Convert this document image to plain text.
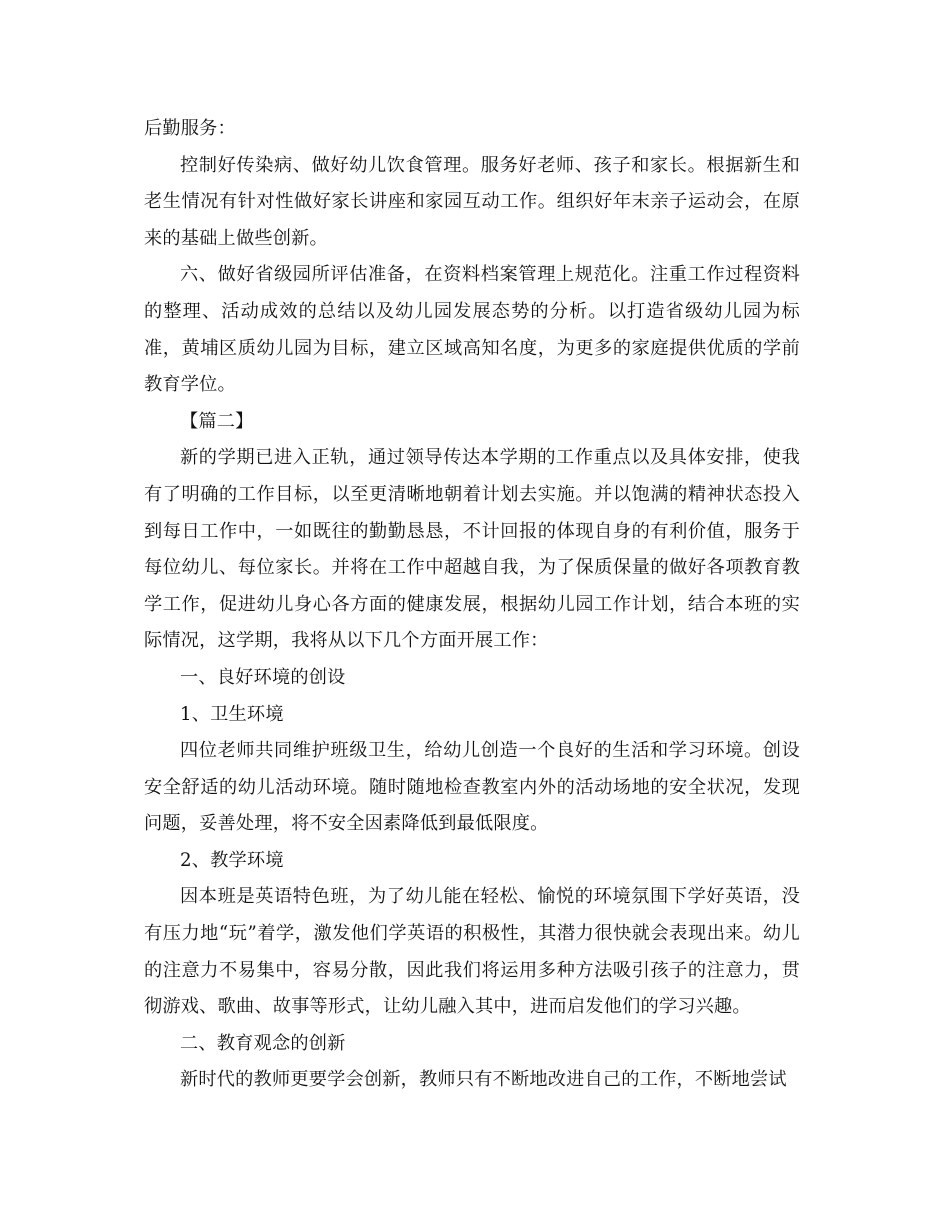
后勤服务：

控制好传染病、做好幼儿饮食管理。服务好老师、孩子和家长。根据新生和老生情况有针对性做好家长讲座和家园互动工作。组织好年末亲子运动会，在原来的基础上做些创新。

六、做好省级园所评估准备，在资料档案管理上规范化。注重工作过程资料的整理、活动成效的总结以及幼儿园发展态势的分析。以打造省级幼儿园为标准，黄埔区质幼儿园为目标，建立区域高知名度，为更多的家庭提供优质的学前教育学位。

【篇二】

新的学期已进入正轨，通过领导传达本学期的工作重点以及具体安排，使我有了明确的工作目标，以至更清晰地朝着计划去实施。并以饱满的精神状态投入到每日工作中，一如既往的勤勤恳恳，不计回报的体现自身的有利价值，服务于每位幼儿、每位家长。并将在工作中超越自我，为了保质保量的做好各项教育教学工作，促进幼儿身心各方面的健康发展，根据幼儿园工作计划，结合本班的实际情况，这学期，我将从以下几个方面开展工作：

一、良好环境的创设

1、卫生环境

四位老师共同维护班级卫生，给幼儿创造一个良好的生活和学习环境。创设安全舒适的幼儿活动环境。随时随地检查教室内外的活动场地的安全状况，发现问题，妥善处理，将不安全因素降低到最低限度。

2、教学环境

因本班是英语特色班，为了幼儿能在轻松、愉悦的环境氛围下学好英语，没有压力地“玩”着学，激发他们学英语的积极性，其潜力很快就会表现出来。幼儿的注意力不易集中，容易分散，因此我们将运用多种方法吸引孩子的注意力，贯彻游戏、歌曲、故事等形式，让幼儿融入其中，进而启发他们的学习兴趣。

二、教育观念的创新

新时代的教师更要学会创新，教师只有不断地改进自己的工作，不断地尝试
